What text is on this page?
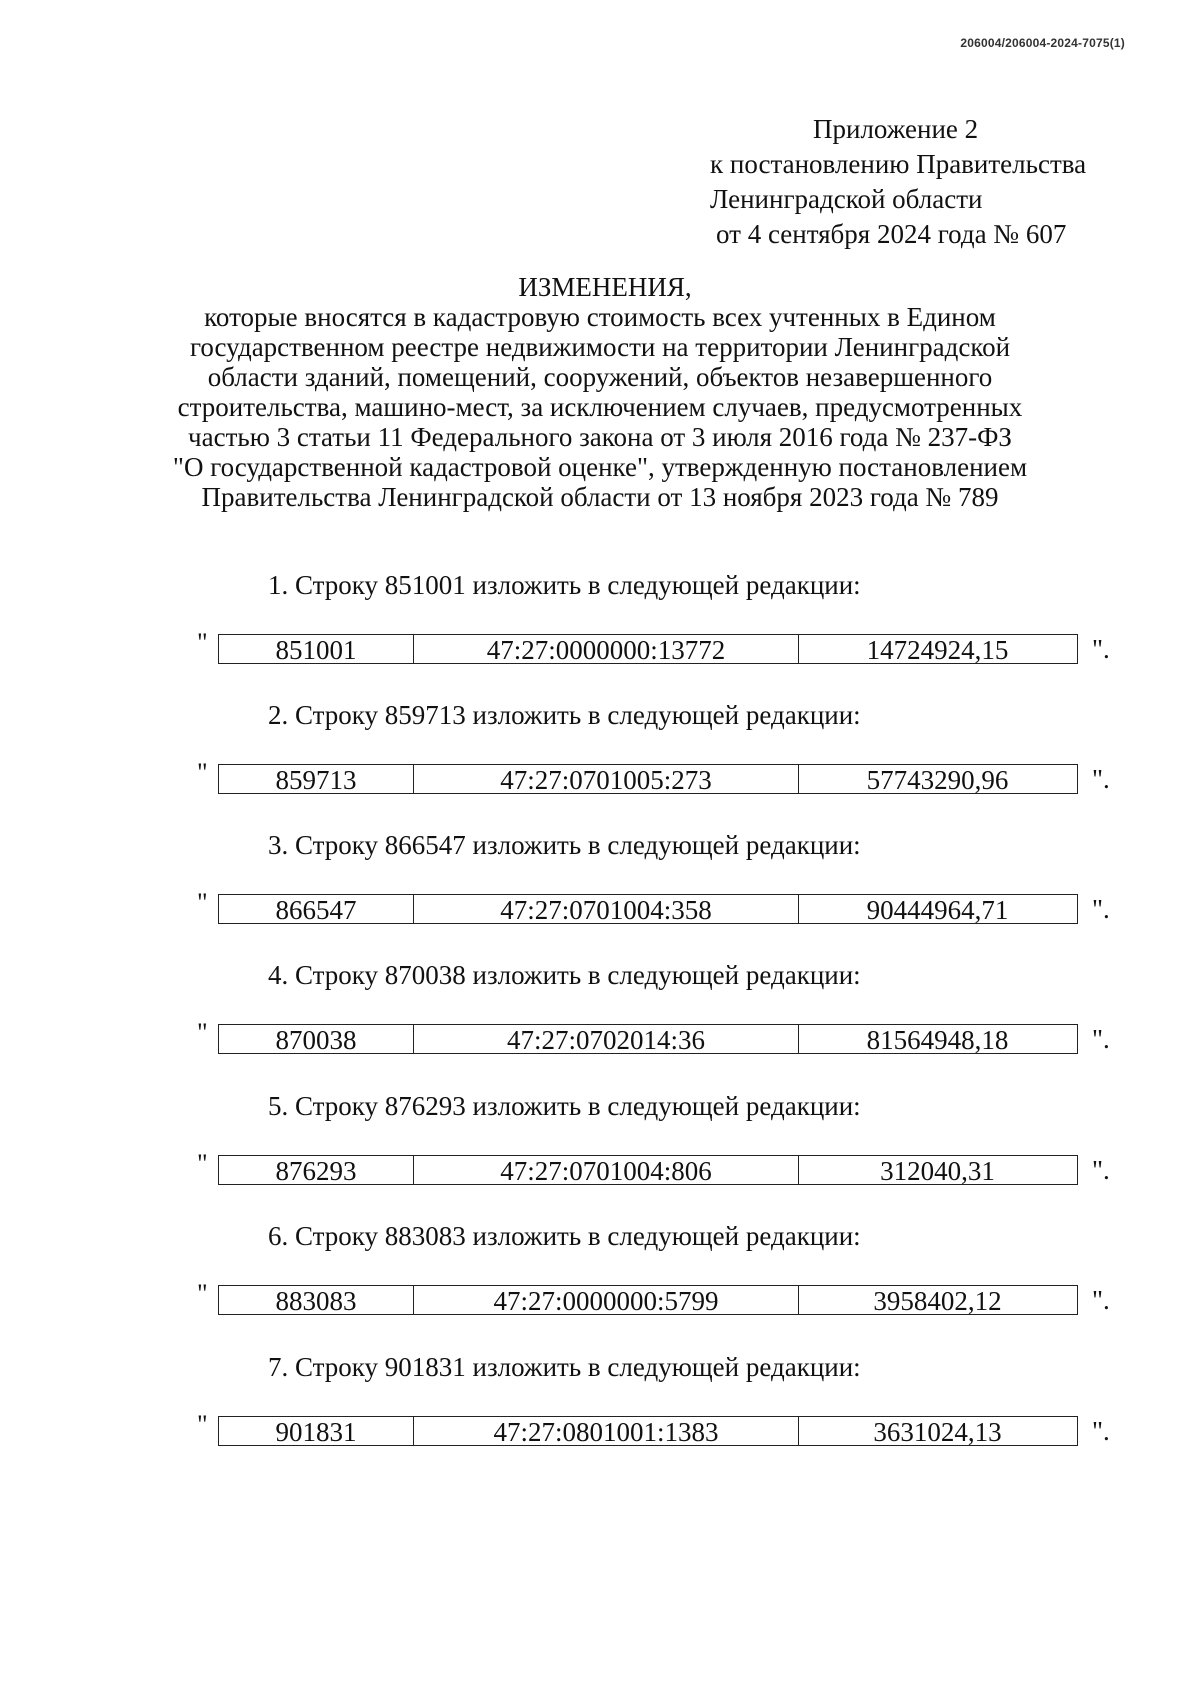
206004/206004-2024-7075(1)
Приложение 2
к постановлению Правительства
Ленинградской области
от 4 сентября 2024 года № 607
ИЗМЕНЕНИЯ,
которые вносятся в кадастровую стоимость всех учтенных в Едином
государственном реестре недвижимости на территории Ленинградской
области зданий, помещений, сооружений, объектов незавершенного
строительства, машино-мест, за исключением случаев, предусмотренных
частью 3 статьи 11 Федерального закона от 3 июля 2016 года № 237-ФЗ
"О государственной кадастровой оценке", утвержденную постановлением
Правительства Ленинградской области от 13 ноября 2023 года № 789
1. Строку 851001 изложить в следующей редакции:
"	851001	47:27:0000000:13772	14724924,15	".
2. Строку 859713 изложить в следующей редакции:
"	859713	47:27:0701005:273	57743290,96	".
3. Строку 866547 изложить в следующей редакции:
"	866547	47:27:0701004:358	90444964,71	".
4. Строку 870038 изложить в следующей редакции:
"	870038	47:27:0702014:36	81564948,18	".
5. Строку 876293 изложить в следующей редакции:
"	876293	47:27:0701004:806	312040,31	".
6. Строку 883083 изложить в следующей редакции:
"	883083	47:27:0000000:5799	3958402,12	".
7. Строку 901831 изложить в следующей редакции:
"	901831	47:27:0801001:1383	3631024,13	".
